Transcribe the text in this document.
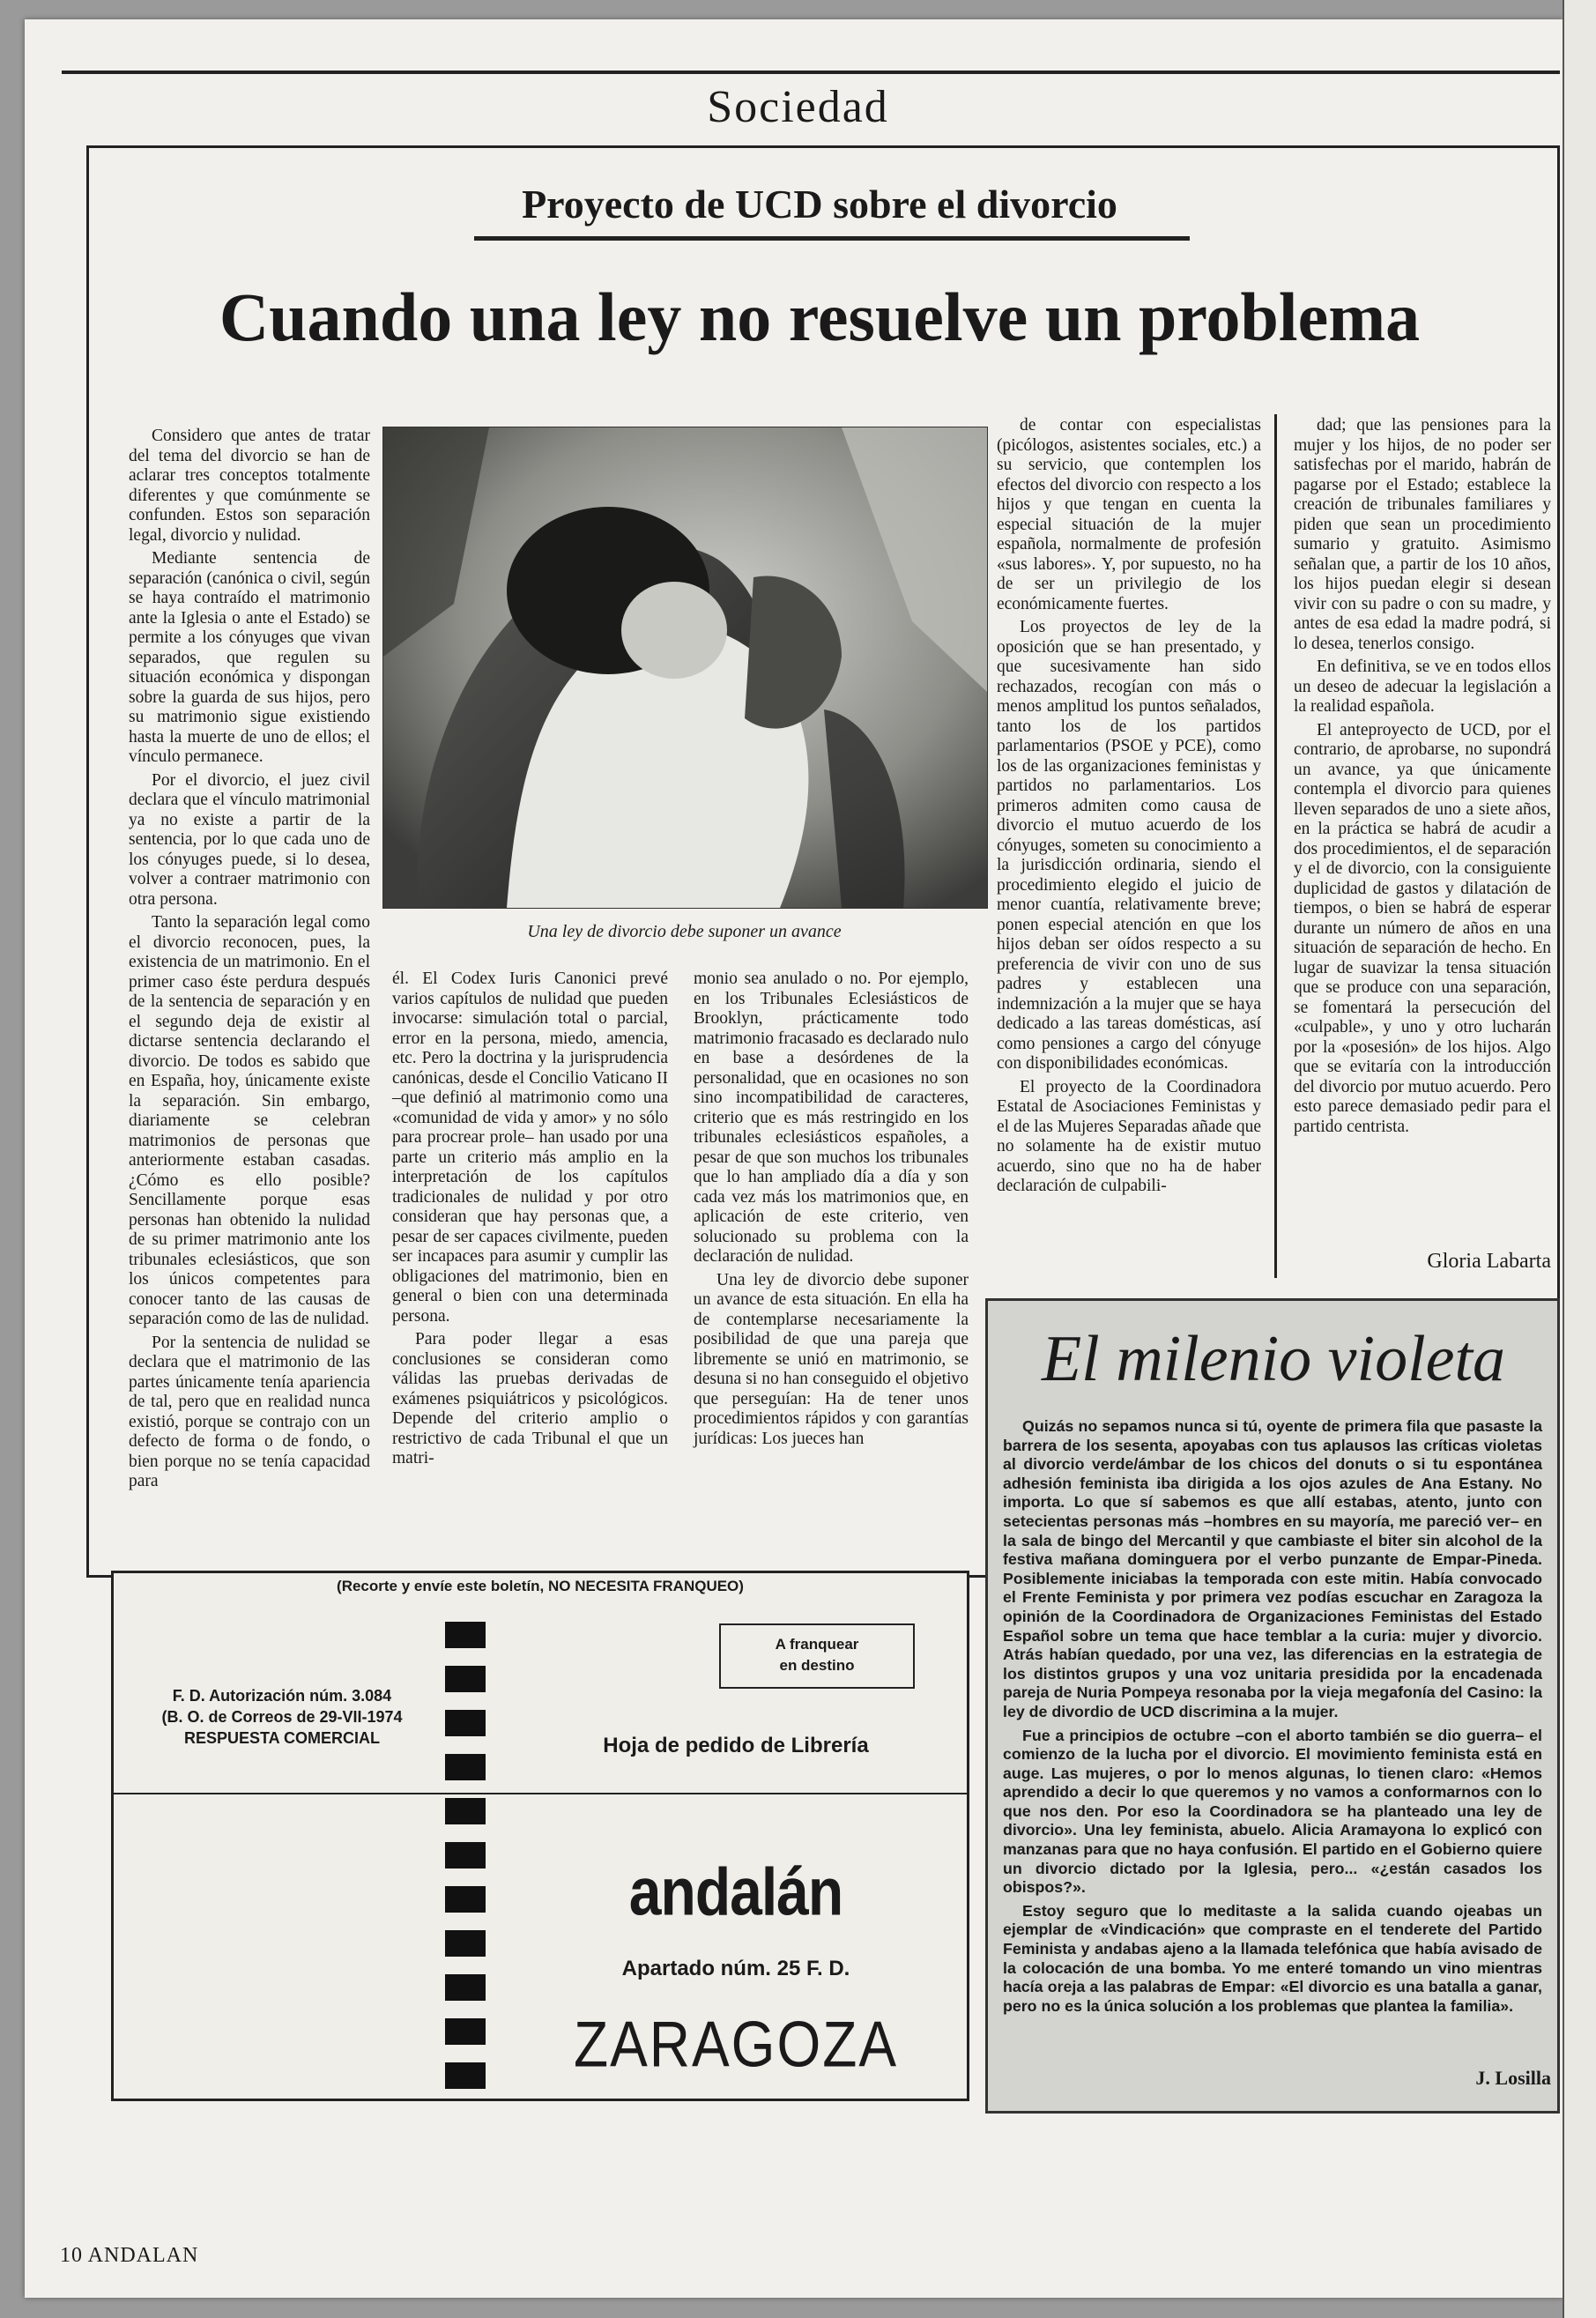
Sociedad
Proyecto de UCD sobre el divorcio
Cuando una ley no resuelve un problema

Considero que antes de tratar del tema del divorcio se han de aclarar tres conceptos totalmente diferentes y que comúnmente se confunden. Estos son separación legal, divorcio y nulidad.

Mediante sentencia de separación (canónica o civil, según se haya contraído el matrimonio ante la Iglesia o ante el Estado) se permite a los cónyuges que vivan separados, que regulen su situación económica y dispongan sobre la guarda de sus hijos, pero su matrimonio sigue existiendo hasta la muerte de uno de ellos; el vínculo permanece.

Por el divorcio, el juez civil declara que el vínculo matrimonial ya no existe a partir de la sentencia, por lo que cada uno de los cónyuges puede, si lo desea, volver a contraer matrimonio con otra persona.

Tanto la separación legal como el divorcio reconocen, pues, la existencia de un matrimonio. En el primer caso éste perdura después de la sentencia de separación y en el segundo deja de existir al dictarse sentencia declarando el divorcio. De todos es sabido que en España, hoy, únicamente existe la separación. Sin embargo, diariamente se celebran matrimonios de personas que anteriormente estaban casadas. ¿Cómo es ello posible? Sencillamente porque esas personas han obtenido la nulidad de su primer matrimonio ante los tribunales eclesiásticos, que son los únicos competentes para conocer tanto de las causas de separación como de las de nulidad.

Por la sentencia de nulidad se declara que el matrimonio de las partes únicamente tenía apariencia de tal, pero que en realidad nunca existió, porque se contrajo con un defecto de forma o de fondo, o bien porque no se tenía capacidad para

Una ley de divorcio debe suponer un avance

de contar con especialistas (picólogos, asistentes sociales, etc.) a su servicio, que contemplen los efectos del divorcio con respecto a los hijos y que tengan en cuenta la especial situación de la mujer española, normalmente de profesión «sus labores». Y, por supuesto, no ha de ser un privilegio de los económicamente fuertes.

Los proyectos de ley de la oposición que se han presentado, y que sucesivamente han sido rechazados, recogían con más o menos amplitud los puntos señalados, tanto los de los partidos parlamentarios (PSOE y PCE), como los de las organizaciones feministas y partidos no parlamentarios. Los primeros admiten como causa de divorcio el mutuo acuerdo de los cónyuges, someten su conocimiento a la jurisdicción ordinaria, siendo el procedimiento elegido el juicio de menor cuantía, relativamente breve; ponen especial atención en que los hijos deban ser oídos respecto a su preferencia de vivir con uno de sus padres y establecen una indemnización a la mujer que se haya dedicado a las tareas domésticas, así como pensiones a cargo del cónyuge con disponibilidades económicas.

El proyecto de la Coordinadora Estatal de Asociaciones Feministas y el de las Mujeres Separadas añade que no solamente ha de existir mutuo acuerdo, sino que no ha de haber declaración de culpabili-

dad; que las pensiones para la mujer y los hijos, de no poder ser satisfechas por el marido, habrán de pagarse por el Estado; establece la creación de tribunales familiares y piden que sean un procedimiento sumario y gratuito. Asimismo señalan que, a partir de los 10 años, los hijos puedan elegir si desean vivir con su padre o con su madre, y antes de esa edad la madre podrá, si lo desea, tenerlos consigo.

En definitiva, se ve en todos ellos un deseo de adecuar la legislación a la realidad española.

El anteproyecto de UCD, por el contrario, de aprobarse, no supondrá un avance, ya que únicamente contempla el divorcio para quienes lleven separados de uno a siete años, en la práctica se habrá de acudir a dos procedimientos, el de separación y el de divorcio, con la consiguiente duplicidad de gastos y dilatación de tiempos, o bien se habrá de esperar durante un número de años en una situación de separación de hecho. En lugar de suavizar la tensa situación que se produce con una separación, se fomentará la persecución del «culpable», y uno y otro lucharán por la «posesión» de los hijos. Algo que se evitaría con la introducción del divorcio por mutuo acuerdo. Pero esto parece demasiado pedir para el partido centrista.

Gloria Labarta

él. El Codex Iuris Canonici prevé varios capítulos de nulidad que pueden invocarse: simulación total o parcial, error en la persona, miedo, amencia, etc. Pero la doctrina y la jurisprudencia canónicas, desde el Concilio Vaticano II –que definió al matrimonio como una «comunidad de vida y amor» y no sólo para procrear prole– han usado por una parte un criterio más amplio en la interpretación de los capítulos tradicionales de nulidad y por otro consideran que hay personas que, a pesar de ser capaces civilmente, pueden ser incapaces para asumir y cumplir las obligaciones del matrimonio, bien en general o bien con una determinada persona.

Para poder llegar a esas conclusiones se consideran como válidas las pruebas derivadas de exámenes psiquiátricos y psicológicos. Depende del criterio amplio o restrictivo de cada Tribunal el que un matri-

monio sea anulado o no. Por ejemplo, en los Tribunales Eclesiásticos de Brooklyn, prácticamente todo matrimonio fracasado es declarado nulo en base a desórdenes de la personalidad, que en ocasiones no son sino incompatibilidad de caracteres, criterio que es más restringido en los tribunales eclesiásticos españoles, a pesar de que son muchos los tribunales que lo han ampliado día a día y son cada vez más los matrimonios que, en aplicación de este criterio, ven solucionado su problema con la declaración de nulidad.

Una ley de divorcio debe suponer un avance de esta situación. En ella ha de contemplarse necesariamente la posibilidad de que una pareja que libremente se unió en matrimonio, se desuna si no han conseguido el objetivo que perseguían: Ha de tener unos procedimientos rápidos y con garantías jurídicas: Los jueces han

El milenio violeta

Quizás no sepamos nunca si tú, oyente de primera fila que pasaste la barrera de los sesenta, apoyabas con tus aplausos las críticas violetas al divorcio verde/ámbar de los chicos del donuts o si tu espontánea adhesión feminista iba dirigida a los ojos azules de Ana Estany. No importa. Lo que sí sabemos es que allí estabas, atento, junto con setecientas personas más –hombres en su mayoría, me pareció ver– en la sala de bingo del Mercantil y que cambiaste el biter sin alcohol de la festiva mañana dominguera por el verbo punzante de Empar-Pineda. Posiblemente iniciabas la temporada con este mitin. Había convocado el Frente Feminista y por primera vez podías escuchar en Zaragoza la opinión de la Coordinadora de Organizaciones Feministas del Estado Español sobre un tema que hace temblar a la curia: mujer y divorcio. Atrás habían quedado, por una vez, las diferencias en la estrategia de los distintos grupos y una voz unitaria presidida por la encadenada pareja de Nuria Pompeya resonaba por la vieja megafonía del Casino: la ley de divordio de UCD discrimina a la mujer.

Fue a principios de octubre –con el aborto también se dio guerra– el comienzo de la lucha por el divorcio. El movimiento feminista está en auge. Las mujeres, o por lo menos algunas, lo tienen claro: «Hemos aprendido a decir lo que queremos y no vamos a conformarnos con lo que nos den. Por eso la Coordinadora se ha planteado una ley de divorcio». Una ley feminista, abuelo. Alicia Aramayona lo explicó con manzanas para que no haya confusión. El partido en el Gobierno quiere un divorcio dictado por la Iglesia, pero... «¿están casados los obispos?».

Estoy seguro que lo meditaste a la salida cuando ojeabas un ejemplar de «Vindicación» que compraste en el tenderete del Partido Feminista y andabas ajeno a la llamada telefónica que había avisado de la colocación de una bomba. Yo me enteré tomando un vino mientras hacía oreja a las palabras de Empar: «El divorcio es una batalla a ganar, pero no es la única solución a los problemas que plantea la familia».

J. Losilla
(Recorte y envíe este boletín, NO NECESITA FRANQUEO)
F. D. Autorización núm. 3.084
(B. O. de Correos de 29-VII-1974
RESPUESTA COMERCIAL
A franquear
en destino
Hoja de pedido de Librería
andalán
Apartado núm. 25 F. D.
ZARAGOZA
10 ANDALAN
